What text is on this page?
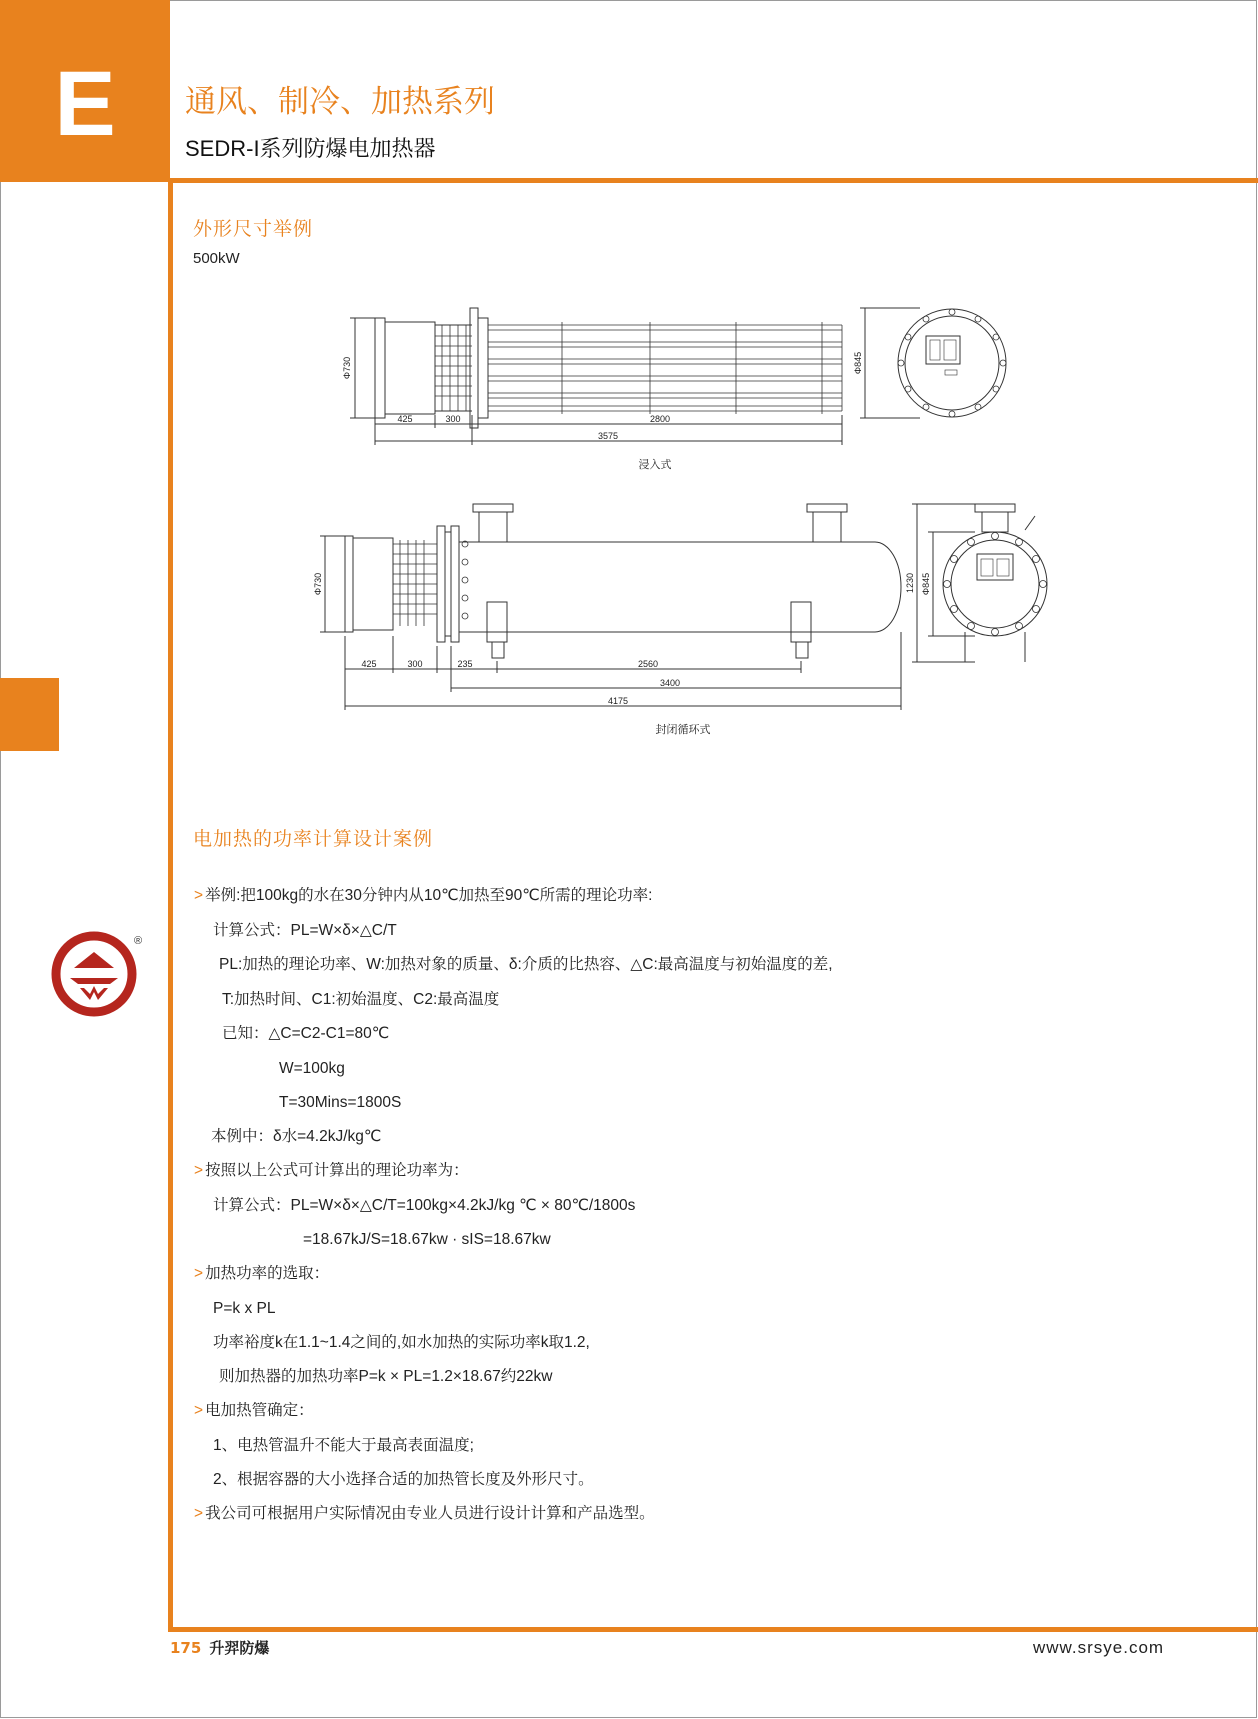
E	通风、制冷、加热系列
SEDR-I系列防爆电加热器
外形尺寸举例
500kW
Φ730
425	300	2800
3575
Φ845
浸入式
Φ730
425	300	235	2560
3400
4175
1230 Φ845
封闭循环式
电加热的功率计算设计案例
> 举例:把100kg的水在30分钟内从10℃加热至90℃所需的理论功率:
计算公式：PL=W×δ×△C/T
PL:加热的理论功率、W:加热对象的质量、δ:介质的比热容、△C:最高温度与初始温度的差,
T:加热时间、C1:初始温度、C2:最高温度
已知：△C=C2-C1=80℃
W=100kg
T=30Mins=1800S
本例中：δ水=4.2kJ/kg℃
> 按照以上公式可计算出的理论功率为：
计算公式：PL=W×δ×△C/T=100kg×4.2kJ/kg ℃ × 80℃/1800s
=18.67kJ/S=18.67kw · sIS=18.67kw
> 加热功率的选取：
P=k x PL
功率裕度k在1.1~1.4之间的,如水加热的实际功率k取1.2,
则加热器的加热功率P=k × PL=1.2×18.67约22kw
> 电加热管确定：
1、电热管温升不能大于最高表面温度;
2、根据容器的大小选择合适的加热管长度及外形尺寸。
> 我公司可根据用户实际情况由专业人员进行设计计算和产品选型。
®
175 升羿防爆	www.srsye.com
